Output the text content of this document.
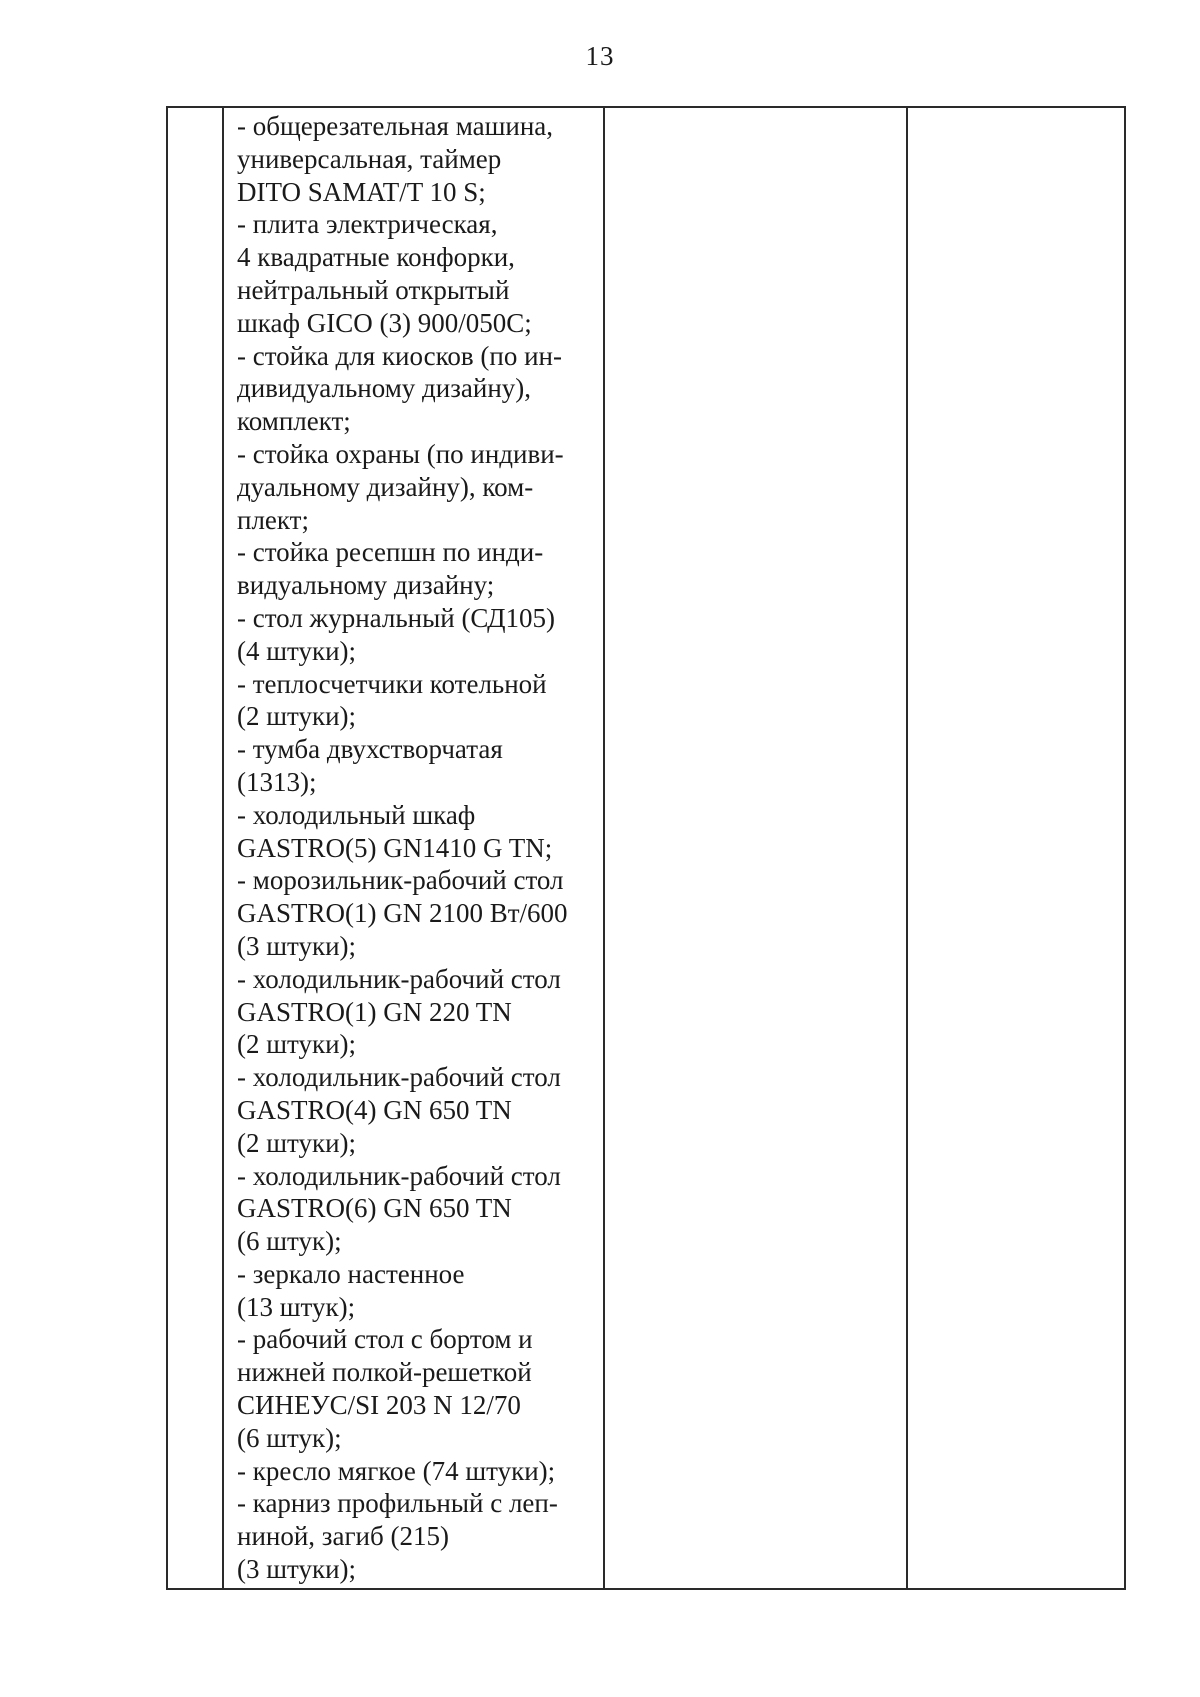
13
- общерезательная машина,
универсальная, таймер
DITO SAMAT/T 10 S;
- плита электрическая,
4 квадратные конфорки,
нейтральный открытый
шкаф GICO (3) 900/050C;
- стойка для киосков (по ин-
дивидуальному дизайну),
комплект;
- стойка охраны (по индиви-
дуальному дизайну), ком-
плект;
- стойка ресепшн по инди-
видуальному дизайну;
- стол журнальный (СД105)
(4 штуки);
- теплосчетчики котельной
(2 штуки);
- тумба двухстворчатая
(1313);
- холодильный шкаф
GASTRO(5) GN1410 G TN;
- морозильник-рабочий стол
GASTRO(1) GN 2100 Вт/600
(3 штуки);
- холодильник-рабочий стол
GASTRO(1) GN 220 TN
(2 штуки);
- холодильник-рабочий стол
GASTRO(4) GN 650 TN
(2 штуки);
- холодильник-рабочий стол
GASTRO(6) GN 650 TN
(6 штук);
- зеркало настенное
(13 штук);
- рабочий стол с бортом и
нижней полкой-решеткой
СИНЕУС/SI 203 N 12/70
(6 штук);
- кресло мягкое (74 штуки);
- карниз профильный с леп-
ниной, загиб (215)
(3 штуки);
